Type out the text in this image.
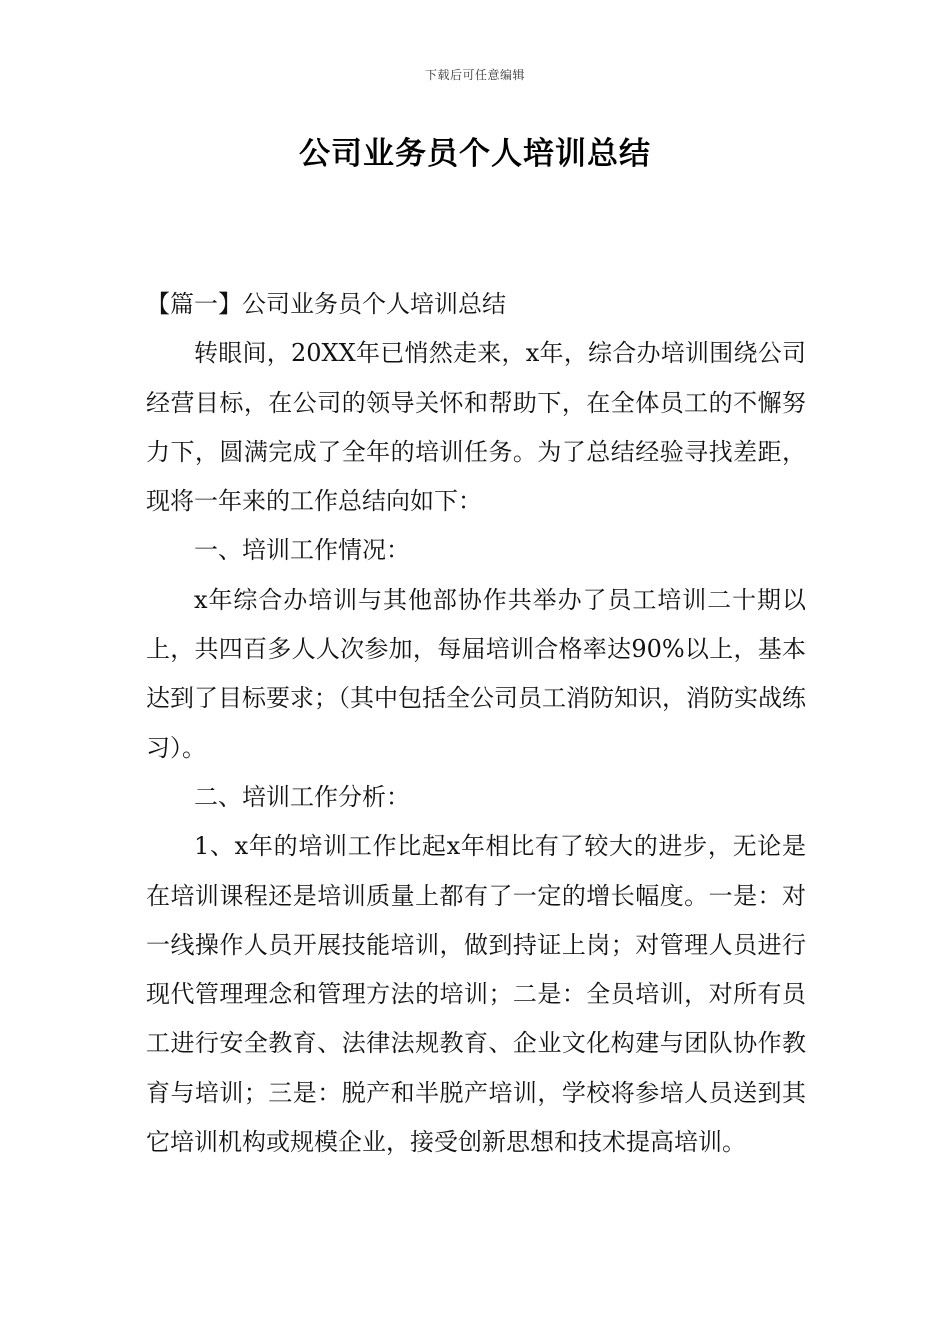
下载后可任意编辑
公司业务员个人培训总结

【篇一】公司业务员个人培训总结

转眼间，20XX年已悄然走来，x年，综合办培训围绕公司经营目标，在公司的领导关怀和帮助下，在全体员工的不懈努力下，圆满完成了全年的培训任务。为了总结经验寻找差距，现将一年来的工作总结向如下：

一、培训工作情况：

x年综合办培训与其他部协作共举办了员工培训二十期以上，共四百多人人次参加，每届培训合格率达90%以上，基本达到了目标要求；（其中包括全公司员工消防知识，消防实战练习）。

二、培训工作分析：

1、x年的培训工作比起x年相比有了较大的进步，无论是在培训课程还是培训质量上都有了一定的增长幅度。一是：对一线操作人员开展技能培训，做到持证上岗；对管理人员进行现代管理理念和管理方法的培训；二是：全员培训，对所有员工进行安全教育、法律法规教育、企业文化构建与团队协作教育与培训；三是：脱产和半脱产培训，学校将参培人员送到其它培训机构或规模企业，接受创新思想和技术提高培训。
